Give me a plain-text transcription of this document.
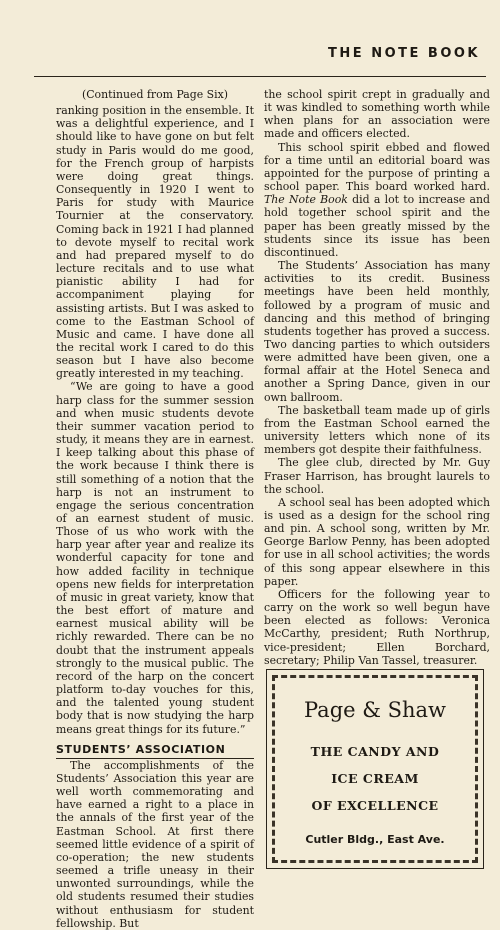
THE NOTE BOOK

(Continued from Page Six)

ranking position in the ensemble. It was a delightful experience, and I should like to have gone on but felt study in Paris would do me good, for the French group of harpists were doing great things. Consequently in 1920 I went to Paris for study with Maurice Tournier at the conservatory. Coming back in 1921 I had planned to devote myself to recital work and had prepared myself to do lecture recitals and to use what pianistic ability I had for accompaniment playing for assisting artists. But I was asked to come to the Eastman School of Music and came. I have done all the recital work I cared to do this season but I have also become greatly interested in my teaching.

“We are going to have a good harp class for the summer session and when music students devote their summer vacation period to study, it means they are in earnest. I keep talking about this phase of the work because I think there is still something of a notion that the harp is not an instrument to engage the serious concentration of an earnest student of music. Those of us who work with the harp year after year and realize its wonderful capacity for tone and how added facility in technique opens new fields for interpretation of music in great variety, know that the best effort of mature and earnest musical ability will be richly rewarded. There can be no doubt that the instrument appeals strongly to the musical public. The record of the harp on the concert platform to-day vouches for this, and the talented young student body that is now studying the harp means great things for its future.”

STUDENTS’ ASSOCIATION

The accomplishments of the Students’ Association this year are well worth commemorating and have earned a right to a place in the annals of the first year of the Eastman School. At first there seemed little evidence of a spirit of co-operation; the new students seemed a trifle uneasy in their unwonted surroundings, while the old students resumed their studies without enthusiasm for student fellowship. But

the school spirit crept in gradually and it was kindled to something worth while when plans for an association were made and officers elected.

This school spirit ebbed and flowed for a time until an editorial board was appointed for the purpose of printing a school paper. This board worked hard. The Note Book did a lot to increase and hold together school spirit and the paper has been greatly missed by the students since its issue has been discontinued.

The Students’ Association has many activities to its credit. Business meetings have been held monthly, followed by a program of music and dancing and this method of bringing students together has proved a success. Two dancing parties to which outsiders were admitted have been given, one a formal affair at the Hotel Seneca and another a Spring Dance, given in our own ballroom.

The basketball team made up of girls from the Eastman School earned the university letters which none of its members got despite their faithfulness.

The glee club, directed by Mr. Guy Fraser Harrison, has brought laurels to the school.

A school seal has been adopted which is used as a design for the school ring and pin. A school song, written by Mr. George Barlow Penny, has been adopted for use in all school activities; the words of this song appear elsewhere in this paper.

Officers for the following year to carry on the work so well begun have been elected as follows: Veronica McCarthy, president; Ruth Northrup, vice-president; Ellen Borchard, secretary; Philip Van Tassel, treasurer.

Page & Shaw
THE CANDY AND
ICE CREAM
OF EXCELLENCE
Cutler Bldg., East Ave.
